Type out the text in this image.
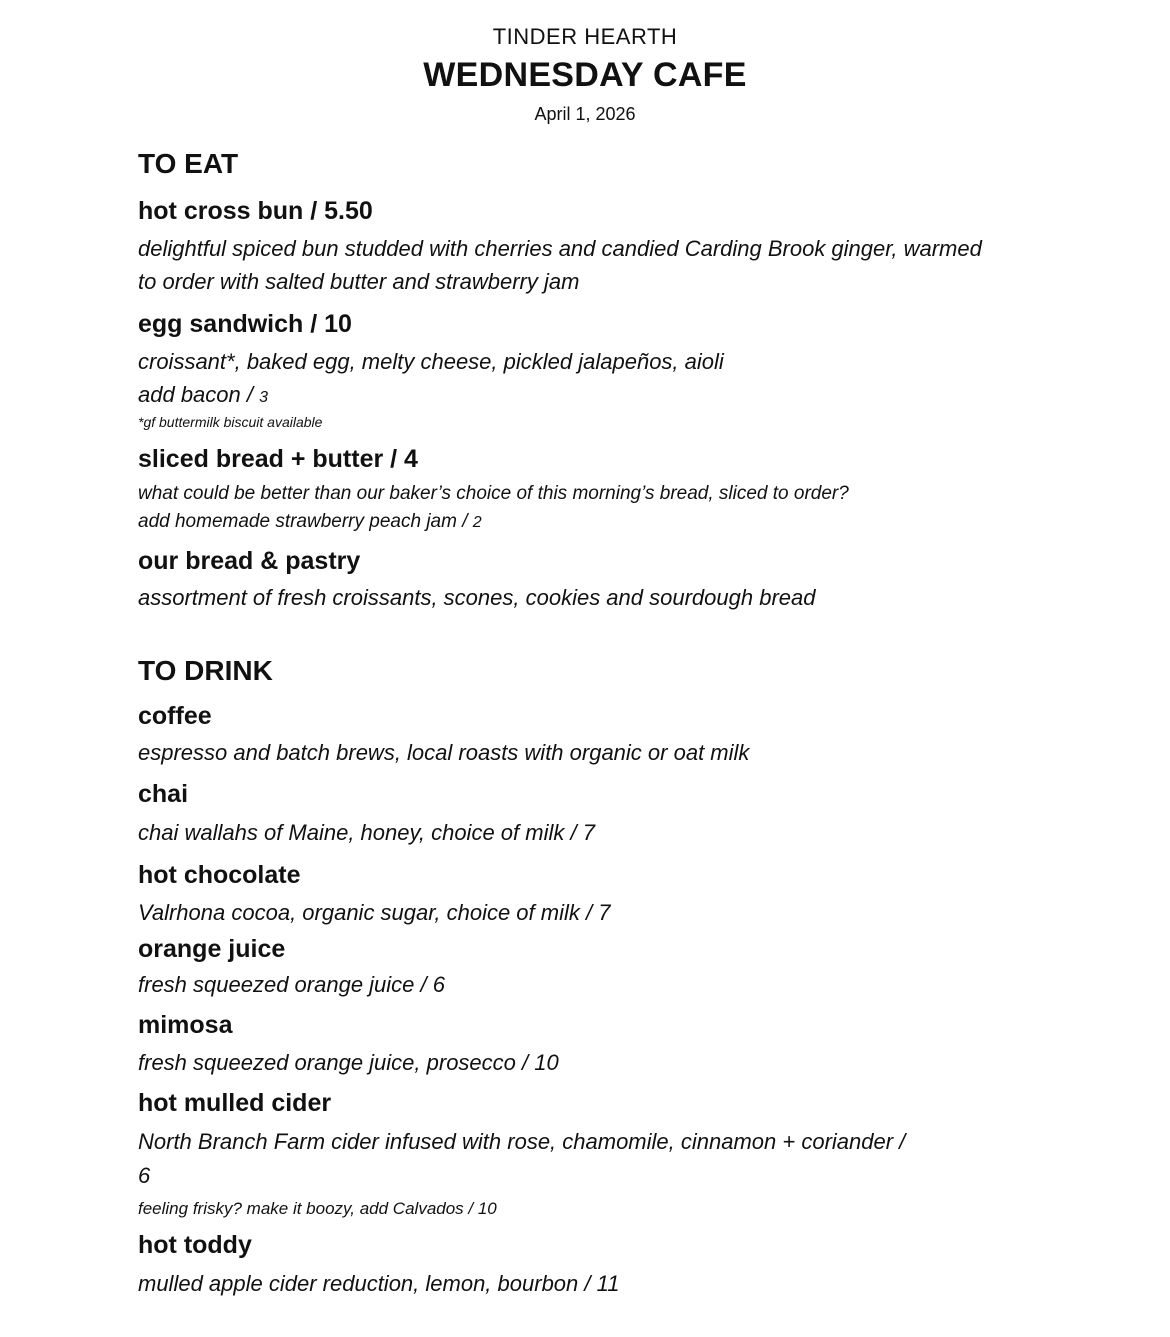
TINDER HEARTH
WEDNESDAY CAFE
April 1, 2026
TO EAT
hot cross bun / 5.50
delightful spiced bun studded with cherries and candied Carding Brook ginger, warmed
to order with salted butter and strawberry jam
egg sandwich / 10
croissant*, baked egg, melty cheese, pickled jalapeños, aioli
add bacon / 3
*gf buttermilk biscuit available
sliced bread + butter / 4
what could be better than our baker’s choice of this morning’s bread, sliced to order?
add homemade strawberry peach jam / 2
our bread & pastry
assortment of fresh croissants, scones, cookies and sourdough bread
TO DRINK
coffee
espresso and batch brews, local roasts with organic or oat milk
chai
chai wallahs of Maine, honey, choice of milk / 7
hot chocolate
Valrhona cocoa, organic sugar, choice of milk / 7
orange juice
fresh squeezed orange juice / 6
mimosa
fresh squeezed orange juice, prosecco / 10
hot mulled cider
North Branch Farm cider infused with rose, chamomile, cinnamon + coriander /
6
feeling frisky? make it boozy, add Calvados / 10
hot toddy
mulled apple cider reduction, lemon, bourbon / 11
